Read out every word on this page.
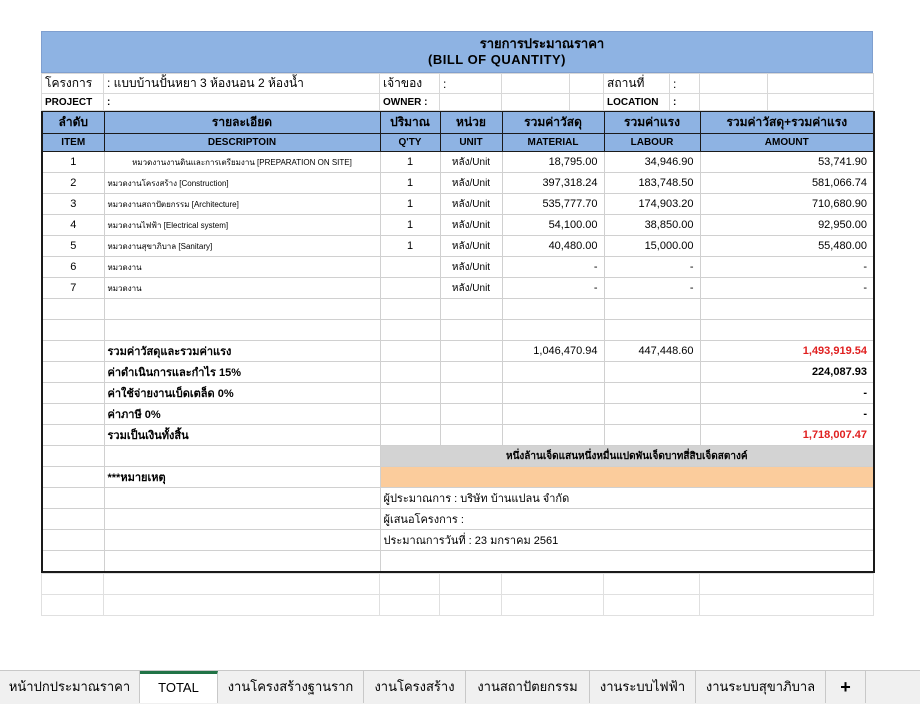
รายการประมาณราคา
(BILL OF QUANTITY)
โครงการ	: แบบบ้านปั้นหยา 3 ห้องนอน 2 ห้องน้ำ	เจ้าของ	:			สถานที่	:		
PROJECT	:	OWNER :				LOCATION	:		
ลำดับ	รายละเอียด	ปริมาณ	หน่วย	รวมค่าวัสดุ	รวมค่าแรง	รวมค่าวัสดุ+รวมค่าแรง
ITEM	DESCRIPTOIN	Q'TY	UNIT	MATERIAL	LABOUR	AMOUNT
1	หมวดงานงานดินและการเตรียมงาน [PREPARATION ON SITE]	1	หลัง/Unit	18,795.00	34,946.90	53,741.90
2	หมวดงานโครงสร้าง [Construction]	1	หลัง/Unit	397,318.24	183,748.50	581,066.74
3	หมวดงานสถาปัตยกรรม [Architecture]	1	หลัง/Unit	535,777.70	174,903.20	710,680.90
4	หมวดงานไฟฟ้า [Electrical system]	1	หลัง/Unit	54,100.00	38,850.00	92,950.00
5	หมวดงานสุขาภิบาล [Sanitary]	1	หลัง/Unit	40,480.00	15,000.00	55,480.00
6	หมวดงาน		หลัง/Unit	-	-	-
7	หมวดงาน		หลัง/Unit	-	-	-

	รวมค่าวัสดุและรวมค่าแรง			1,046,470.94	447,448.60	1,493,919.54
	ค่าดำเนินการและกำไร 15%					224,087.93
	ค่าใช้จ่ายงานเบ็ดเตล็ด 0%					-
	ค่าภาษี 0%					-
	รวมเป็นเงินทั้งสิ้น					1,718,007.47
		หนึ่งล้านเจ็ดแสนหนึ่งหมื่นแปดพันเจ็ดบาทสี่สิบเจ็ดสตางค์				
	***หมายเหตุ					
		ผู้ประมาณการ : บริษัท บ้านแปลน จำกัด				
		ผู้เสนอโครงการ :				
		ประมาณการวันที่ : 23 มกราคม 2561				

หน้าปกประมาณราคา	TOTAL	งานโครงสร้างฐานราก	งานโครงสร้าง	งานสถาปัตยกรรม	งานระบบไฟฟ้า	งานระบบสุขาภิบาล	+
